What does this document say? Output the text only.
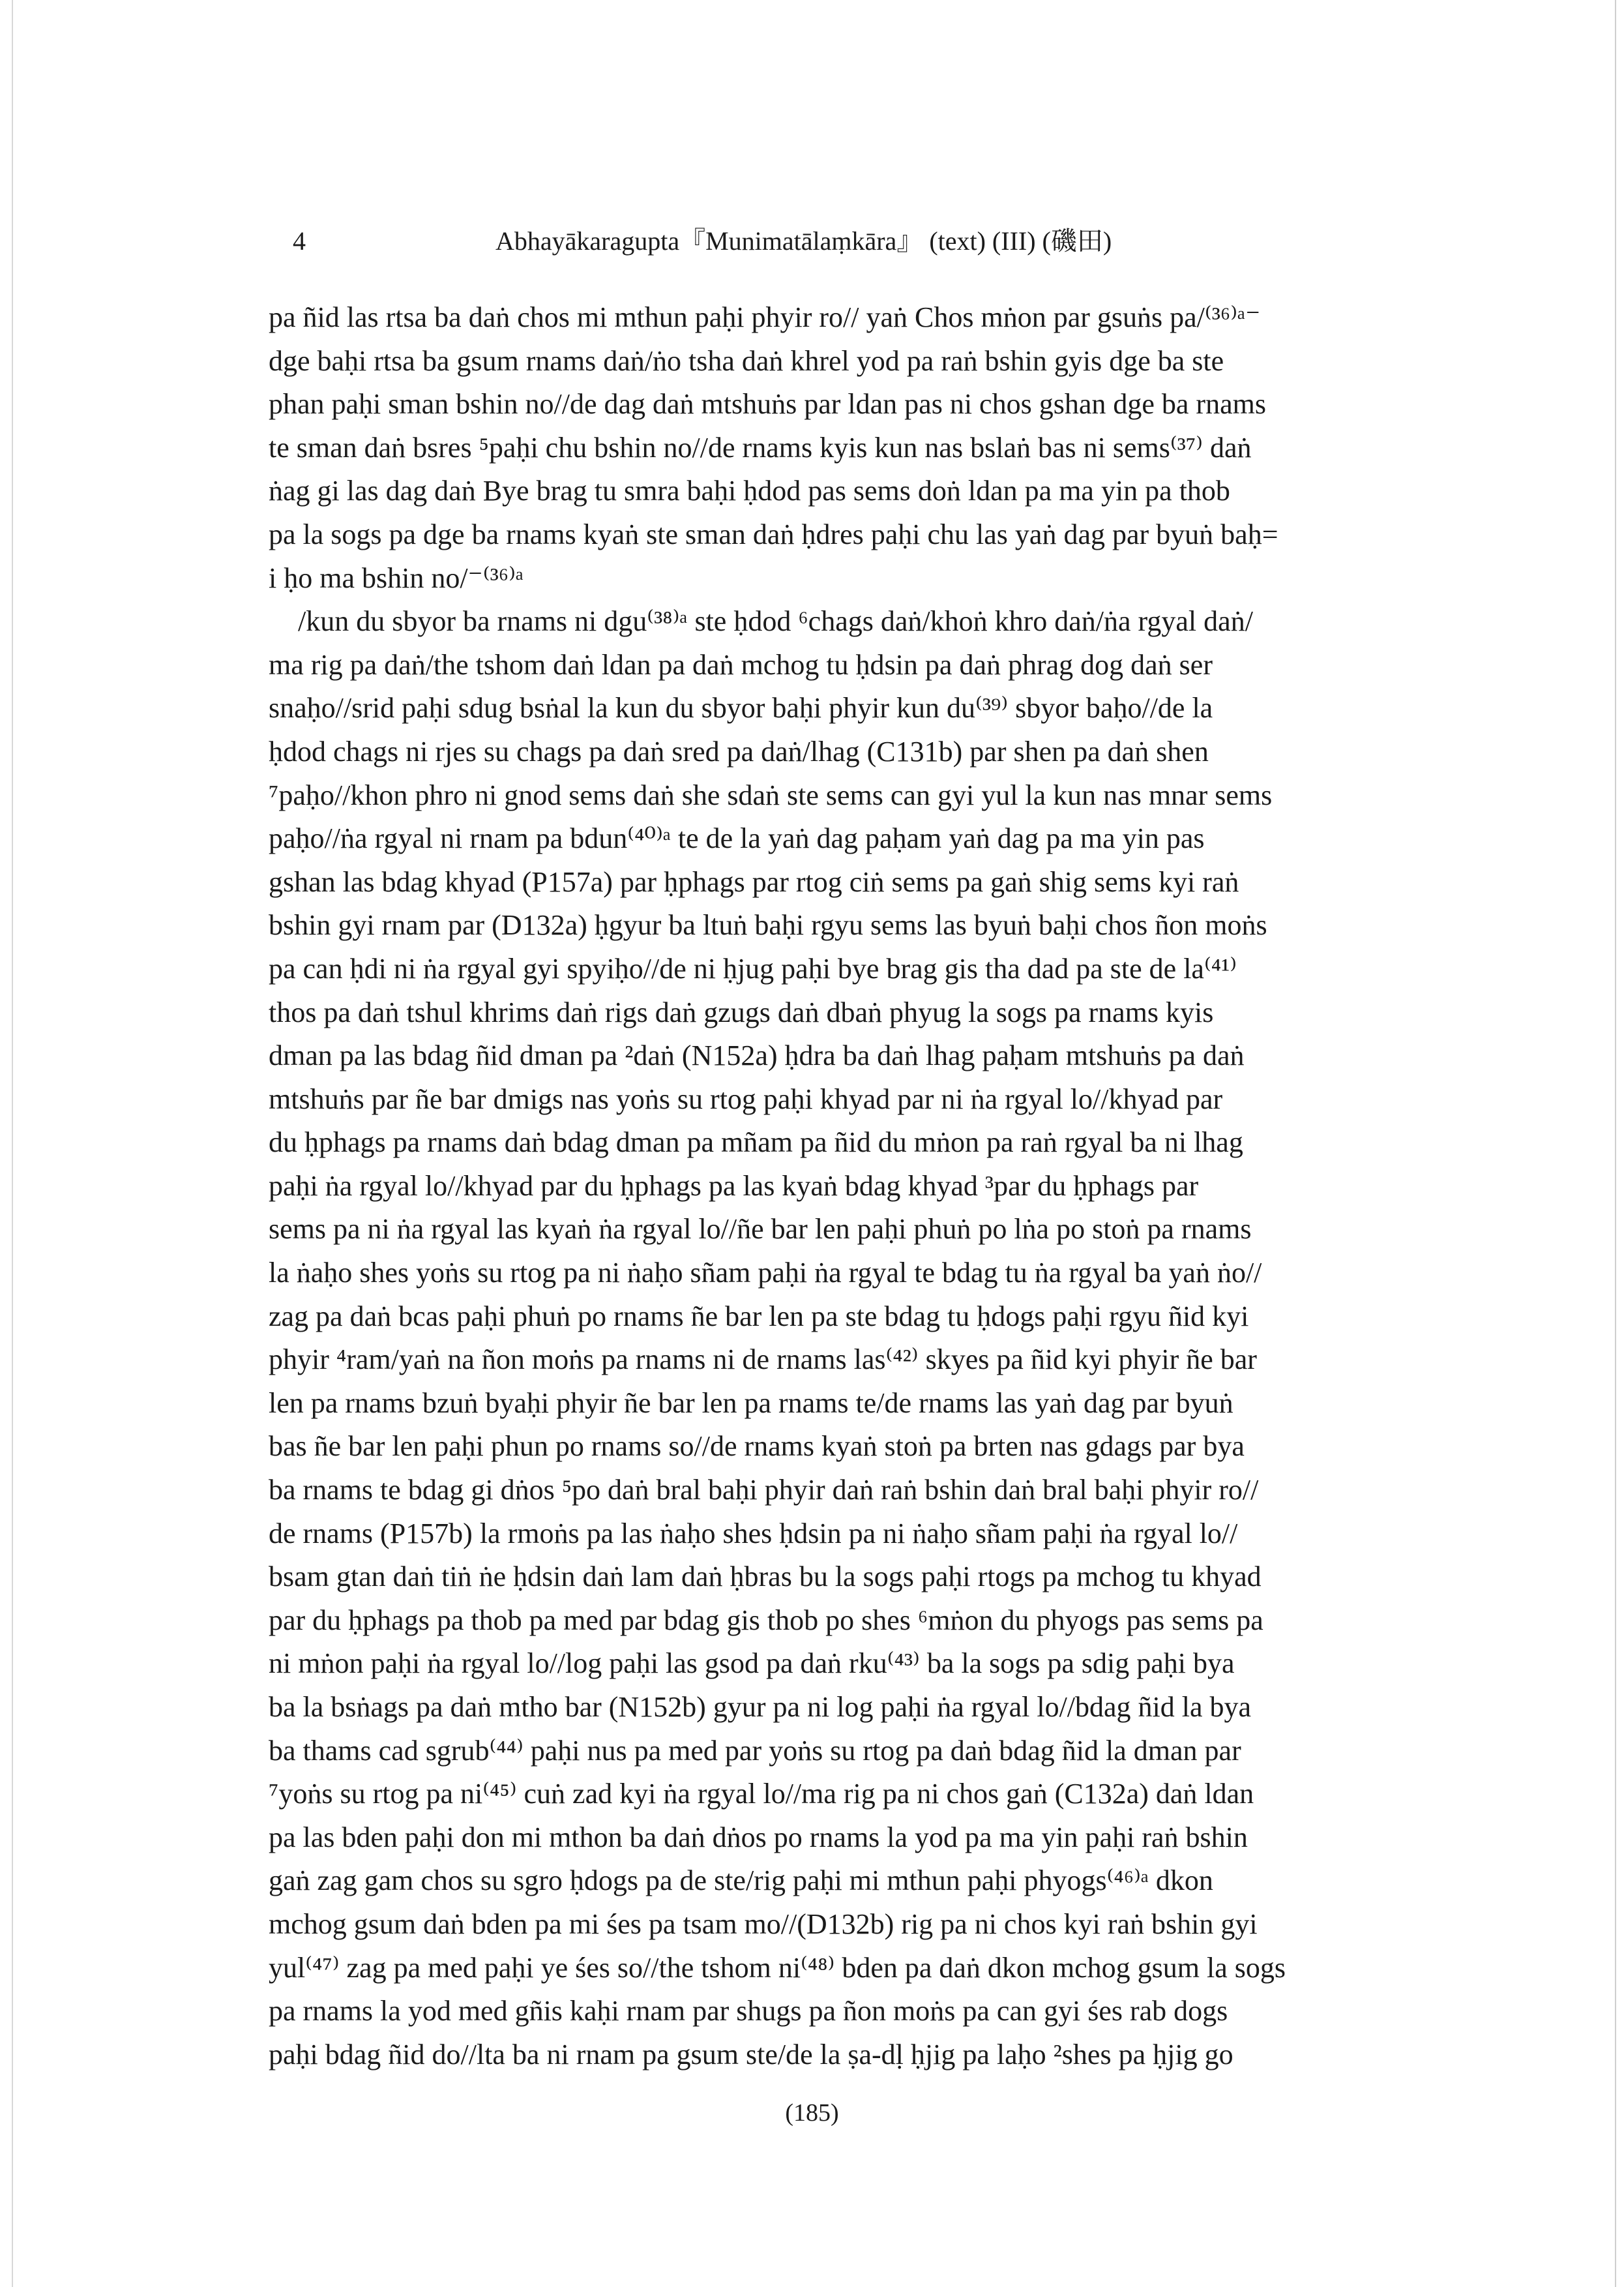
4	Abhayākaragupta『Munimatālaṃkāra』 (text) (III) (磯田)
pa ñid las rtsa ba daṅ chos mi mthun paḥi phyir ro// yaṅ Chos mṅon par gsuṅs pa/⁽³⁶⁾ᵃ⁻
dge baḥi rtsa ba gsum rnams daṅ/ṅo tsha daṅ khrel yod pa raṅ bshin gyis dge ba ste
phan paḥi sman bshin no//de dag daṅ mtshuṅs par ldan pas ni chos gshan dge ba rnams
te sman daṅ bsres ⁵paḥi chu bshin no//de rnams kyis kun nas bslaṅ bas ni sems⁽³⁷⁾ daṅ
ṅag gi las dag daṅ Bye brag tu smra baḥi ḥdod pas sems doṅ ldan pa ma yin pa thob
pa la sogs pa dge ba rnams kyaṅ ste sman daṅ ḥdres paḥi chu las yaṅ dag par byuṅ baḥ=
i ḥo ma bshin no/⁻⁽³⁶⁾ᵃ
/kun du sbyor ba rnams ni dgu⁽³⁸⁾ᵃ ste ḥdod ⁶chags daṅ/khoṅ khro daṅ/ṅa rgyal daṅ/
ma rig pa daṅ/the tshom daṅ ldan pa daṅ mchog tu ḥdsin pa daṅ phrag dog daṅ ser
snaḥo//srid paḥi sdug bsṅal la kun du sbyor baḥi phyir kun du⁽³⁹⁾ sbyor baḥo//de la
ḥdod chags ni rjes su chags pa daṅ sred pa daṅ/lhag (C131b) par shen pa daṅ shen
⁷paḥo//khon phro ni gnod sems daṅ she sdaṅ ste sems can gyi yul la kun nas mnar sems
paḥo//ṅa rgyal ni rnam pa bdun⁽⁴⁰⁾ᵃ te de la yaṅ dag paḥam yaṅ dag pa ma yin pas
gshan las bdag khyad (P157a) par ḥphags par rtog ciṅ sems pa gaṅ shig sems kyi raṅ
bshin gyi rnam par (D132a) ḥgyur ba ltuṅ baḥi rgyu sems las byuṅ baḥi chos ñon moṅs
pa can ḥdi ni ṅa rgyal gyi spyiḥo//de ni ḥjug paḥi bye brag gis tha dad pa ste de la⁽⁴¹⁾
thos pa daṅ tshul khrims daṅ rigs daṅ gzugs daṅ dbaṅ phyug la sogs pa rnams kyis
dman pa las bdag ñid dman pa ²daṅ (N152a) ḥdra ba daṅ lhag paḥam mtshuṅs pa daṅ
mtshuṅs par ñe bar dmigs nas yoṅs su rtog paḥi khyad par ni ṅa rgyal lo//khyad par
du ḥphags pa rnams daṅ bdag dman pa mñam pa ñid du mṅon pa raṅ rgyal ba ni lhag
paḥi ṅa rgyal lo//khyad par du ḥphags pa las kyaṅ bdag khyad ³par du ḥphags par
sems pa ni ṅa rgyal las kyaṅ ṅa rgyal lo//ñe bar len paḥi phuṅ po lṅa po stoṅ pa rnams
la ṅaḥo shes yoṅs su rtog pa ni ṅaḥo sñam paḥi ṅa rgyal te bdag tu ṅa rgyal ba yaṅ ṅo//
zag pa daṅ bcas paḥi phuṅ po rnams ñe bar len pa ste bdag tu ḥdogs paḥi rgyu ñid kyi
phyir ⁴ram/yaṅ na ñon moṅs pa rnams ni de rnams las⁽⁴²⁾ skyes pa ñid kyi phyir ñe bar
len pa rnams bzuṅ byaḥi phyir ñe bar len pa rnams te/de rnams las yaṅ dag par byuṅ
bas ñe bar len paḥi phun po rnams so//de rnams kyaṅ stoṅ pa brten nas gdags par bya
ba rnams te bdag gi dṅos ⁵po daṅ bral baḥi phyir daṅ raṅ bshin daṅ bral baḥi phyir ro//
de rnams (P157b) la rmoṅs pa las ṅaḥo shes ḥdsin pa ni ṅaḥo sñam paḥi ṅa rgyal lo//
bsam gtan daṅ tiṅ ṅe ḥdsin daṅ lam daṅ ḥbras bu la sogs paḥi rtogs pa mchog tu khyad
par du ḥphags pa thob pa med par bdag gis thob po shes ⁶mṅon du phyogs pas sems pa
ni mṅon paḥi ṅa rgyal lo//log paḥi las gsod pa daṅ rku⁽⁴³⁾ ba la sogs pa sdig paḥi bya
ba la bsṅags pa daṅ mtho bar (N152b) gyur pa ni log paḥi ṅa rgyal lo//bdag ñid la bya
ba thams cad sgrub⁽⁴⁴⁾ paḥi nus pa med par yoṅs su rtog pa daṅ bdag ñid la dman par
⁷yoṅs su rtog pa ni⁽⁴⁵⁾ cuṅ zad kyi ṅa rgyal lo//ma rig pa ni chos gaṅ (C132a) daṅ ldan
pa las bden paḥi don mi mthon ba daṅ dṅos po rnams la yod pa ma yin paḥi raṅ bshin
gaṅ zag gam chos su sgro ḥdogs pa de ste/rig paḥi mi mthun paḥi phyogs⁽⁴⁶⁾ᵃ dkon
mchog gsum daṅ bden pa mi śes pa tsam mo//(D132b) rig pa ni chos kyi raṅ bshin gyi
yul⁽⁴⁷⁾ zag pa med paḥi ye śes so//the tshom ni⁽⁴⁸⁾ bden pa daṅ dkon mchog gsum la sogs
pa rnams la yod med gñis kaḥi rnam par shugs pa ñon moṅs pa can gyi śes rab dogs
paḥi bdag ñid do//lta ba ni rnam pa gsum ste/de la ṣa-dḷ ḥjig pa laḥo ²shes pa ḥjig go
(185)
